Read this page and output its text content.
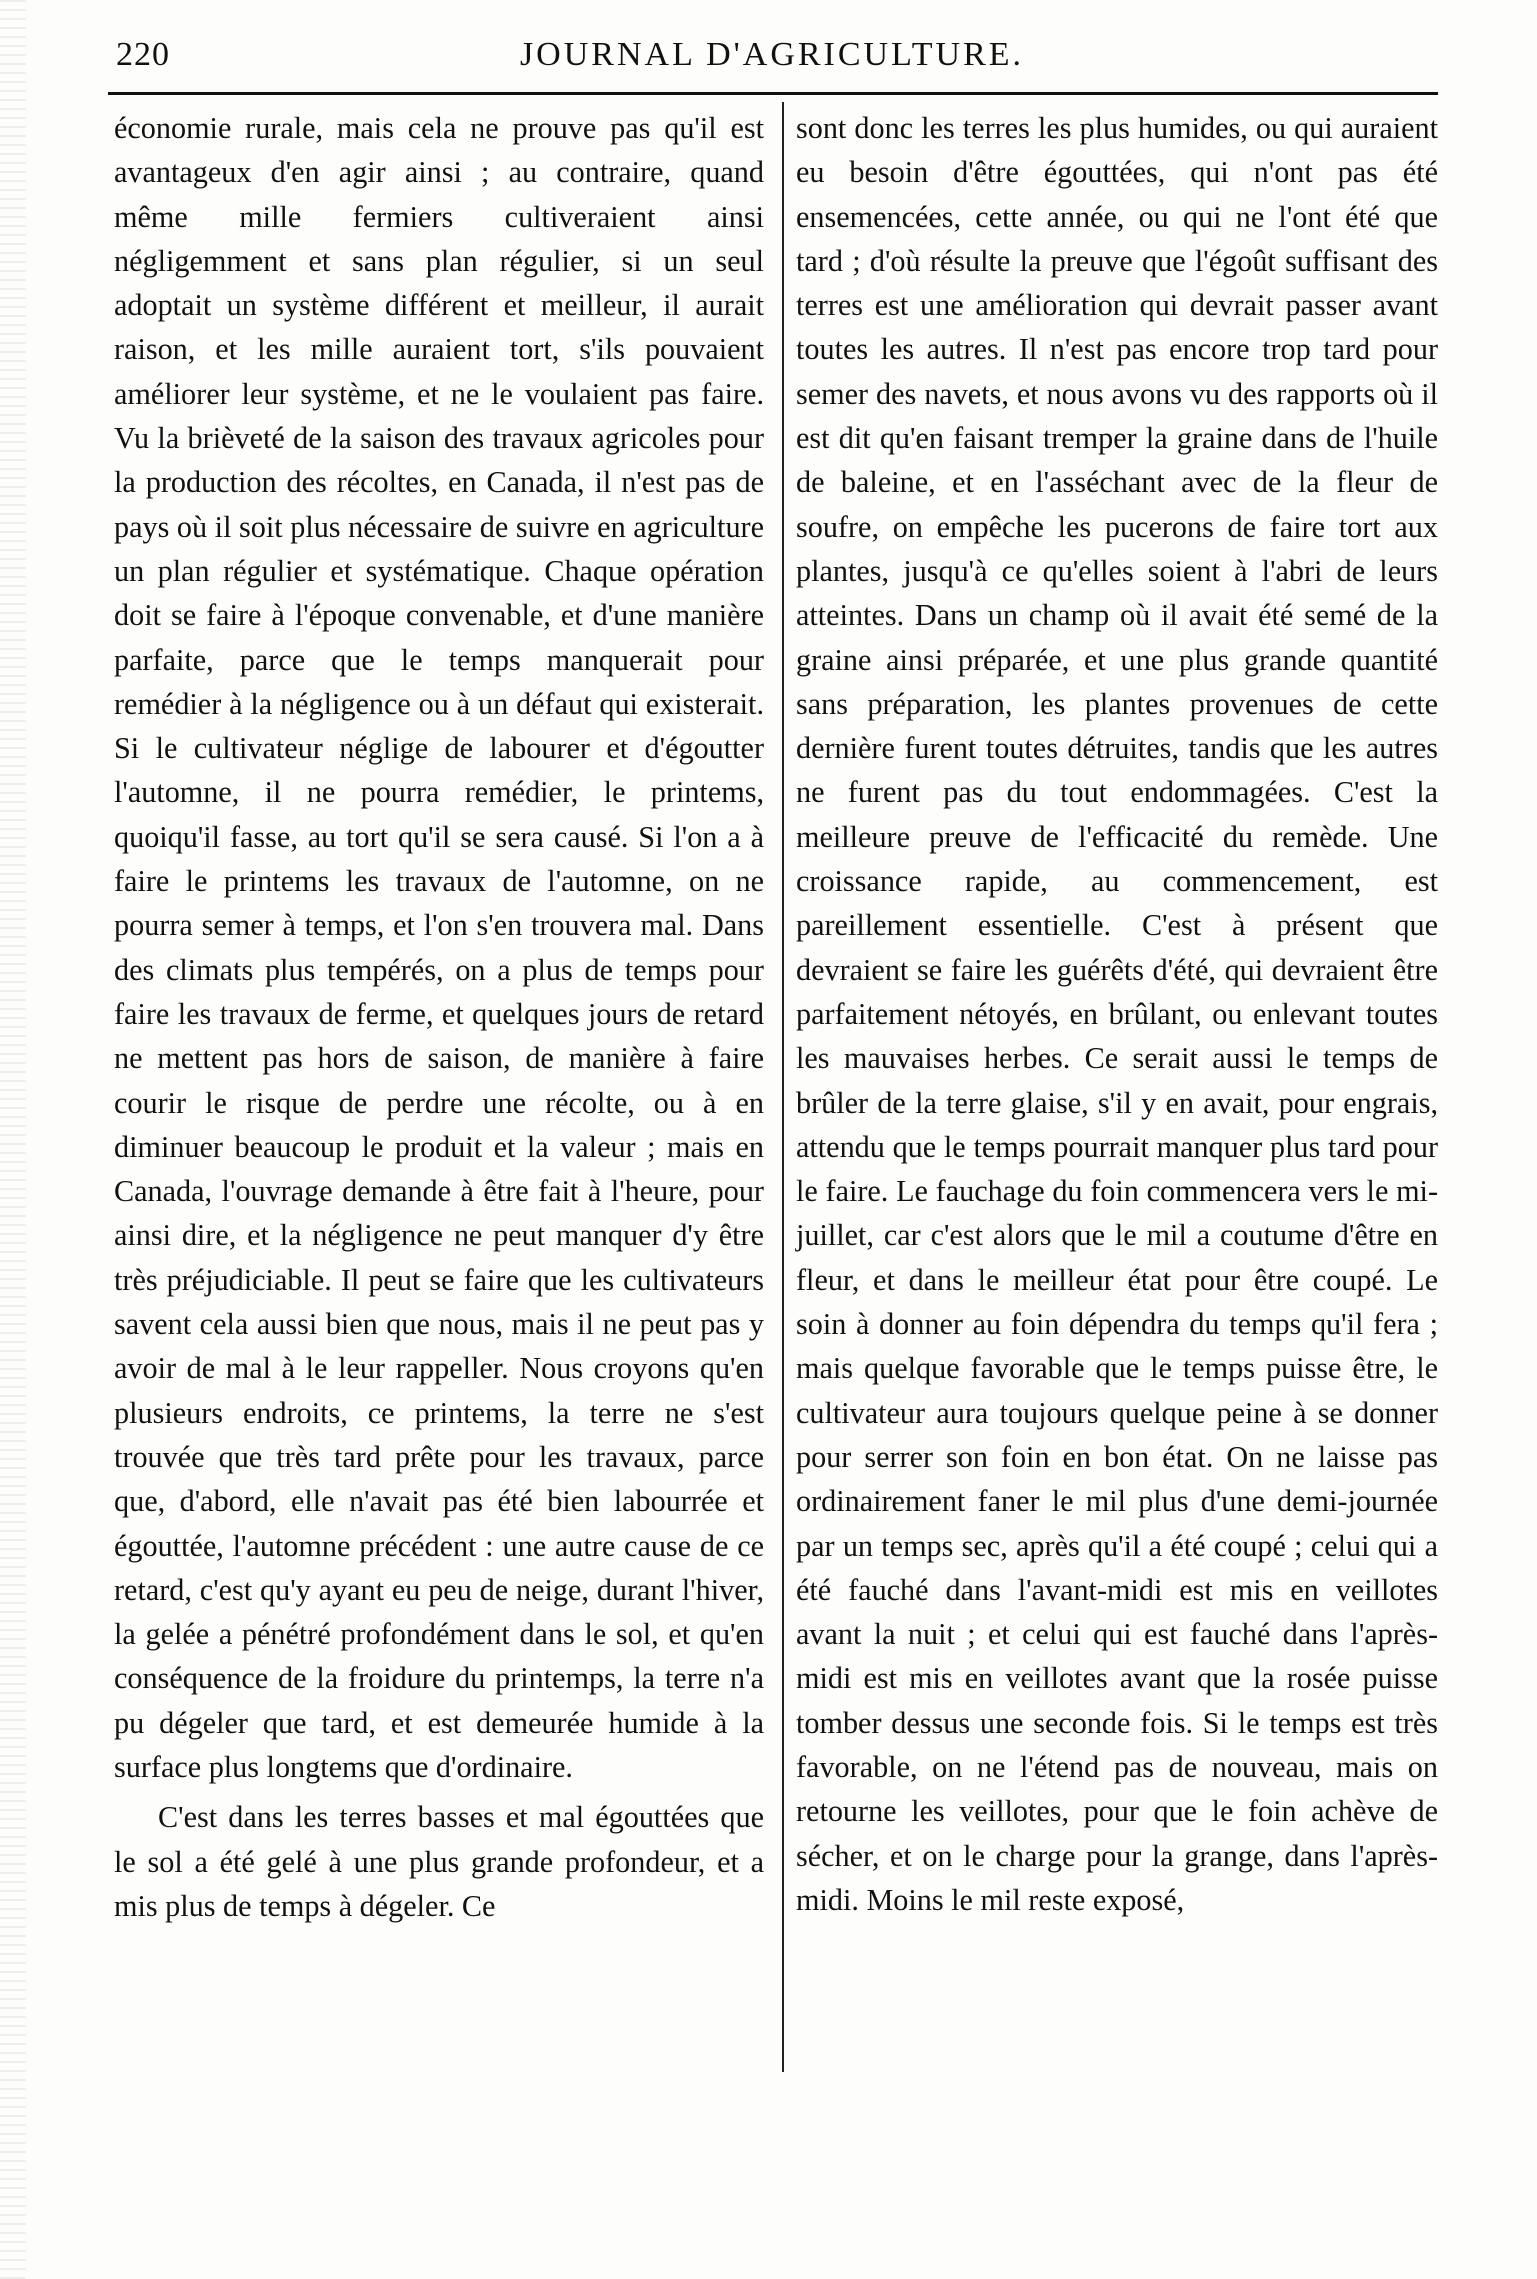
220	JOURNAL D'AGRICULTURE.

économie rurale, mais cela ne prouve pas qu'il est avantageux d'en agir ainsi ; au contraire, quand même mille fermiers cultiveraient ainsi négligemment et sans plan régulier, si un seul adoptait un système différent et meilleur, il aurait raison, et les mille auraient tort, s'ils pouvaient améliorer leur système, et ne le voulaient pas faire. Vu la brièveté de la saison des travaux agricoles pour la production des récoltes, en Canada, il n'est pas de pays où il soit plus nécessaire de suivre en agriculture un plan régulier et systématique. Chaque opération doit se faire à l'époque convenable, et d'une manière parfaite, parce que le temps manquerait pour remédier à la négligence ou à un défaut qui existerait. Si le cultivateur néglige de labourer et d'égoutter l'automne, il ne pourra remédier, le printems, quoiqu'il fasse, au tort qu'il se sera causé. Si l'on a à faire le printems les travaux de l'automne, on ne pourra semer à temps, et l'on s'en trouvera mal. Dans des climats plus tempérés, on a plus de temps pour faire les travaux de ferme, et quelques jours de retard ne mettent pas hors de saison, de manière à faire courir le risque de perdre une récolte, ou à en diminuer beaucoup le produit et la valeur ; mais en Canada, l'ouvrage demande à être fait à l'heure, pour ainsi dire, et la négligence ne peut manquer d'y être très préjudiciable. Il peut se faire que les cultivateurs savent cela aussi bien que nous, mais il ne peut pas y avoir de mal à le leur rappeller. Nous croyons qu'en plusieurs endroits, ce printems, la terre ne s'est trouvée que très tard prête pour les travaux, parce que, d'abord, elle n'avait pas été bien labourrée et égouttée, l'automne précédent : une autre cause de ce retard, c'est qu'y ayant eu peu de neige, durant l'hiver, la gelée a pénétré profondément dans le sol, et qu'en conséquence de la froidure du printemps, la terre n'a pu dégeler que tard, et est demeurée humide à la surface plus longtems que d'ordinaire.

C'est dans les terres basses et mal égouttées que le sol a été gelé à une plus grande profondeur, et a mis plus de temps à dégeler. Ce

sont donc les terres les plus humides, ou qui auraient eu besoin d'être égouttées, qui n'ont pas été ensemencées, cette année, ou qui ne l'ont été que tard ; d'où résulte la preuve que l'égoût suffisant des terres est une amélioration qui devrait passer avant toutes les autres. Il n'est pas encore trop tard pour semer des navets, et nous avons vu des rapports où il est dit qu'en faisant tremper la graine dans de l'huile de baleine, et en l'asséchant avec de la fleur de soufre, on empêche les pucerons de faire tort aux plantes, jusqu'à ce qu'elles soient à l'abri de leurs atteintes. Dans un champ où il avait été semé de la graine ainsi préparée, et une plus grande quantité sans préparation, les plantes provenues de cette dernière furent toutes détruites, tandis que les autres ne furent pas du tout endommagées. C'est la meilleure preuve de l'efficacité du remède. Une croissance rapide, au commencement, est pareillement essentielle. C'est à présent que devraient se faire les guérêts d'été, qui devraient être parfaitement nétoyés, en brûlant, ou enlevant toutes les mauvaises herbes. Ce serait aussi le temps de brûler de la terre glaise, s'il y en avait, pour engrais, attendu que le temps pourrait manquer plus tard pour le faire. Le fauchage du foin commencera vers le mi-juillet, car c'est alors que le mil a coutume d'être en fleur, et dans le meilleur état pour être coupé. Le soin à donner au foin dépendra du temps qu'il fera ; mais quelque favorable que le temps puisse être, le cultivateur aura toujours quelque peine à se donner pour serrer son foin en bon état. On ne laisse pas ordinairement faner le mil plus d'une demi-journée par un temps sec, après qu'il a été coupé ; celui qui a été fauché dans l'avant-midi est mis en veillotes avant la nuit ; et celui qui est fauché dans l'après-midi est mis en veillotes avant que la rosée puisse tomber dessus une seconde fois. Si le temps est très favorable, on ne l'étend pas de nouveau, mais on retourne les veillotes, pour que le foin achève de sécher, et on le charge pour la grange, dans l'après-midi. Moins le mil reste exposé,
